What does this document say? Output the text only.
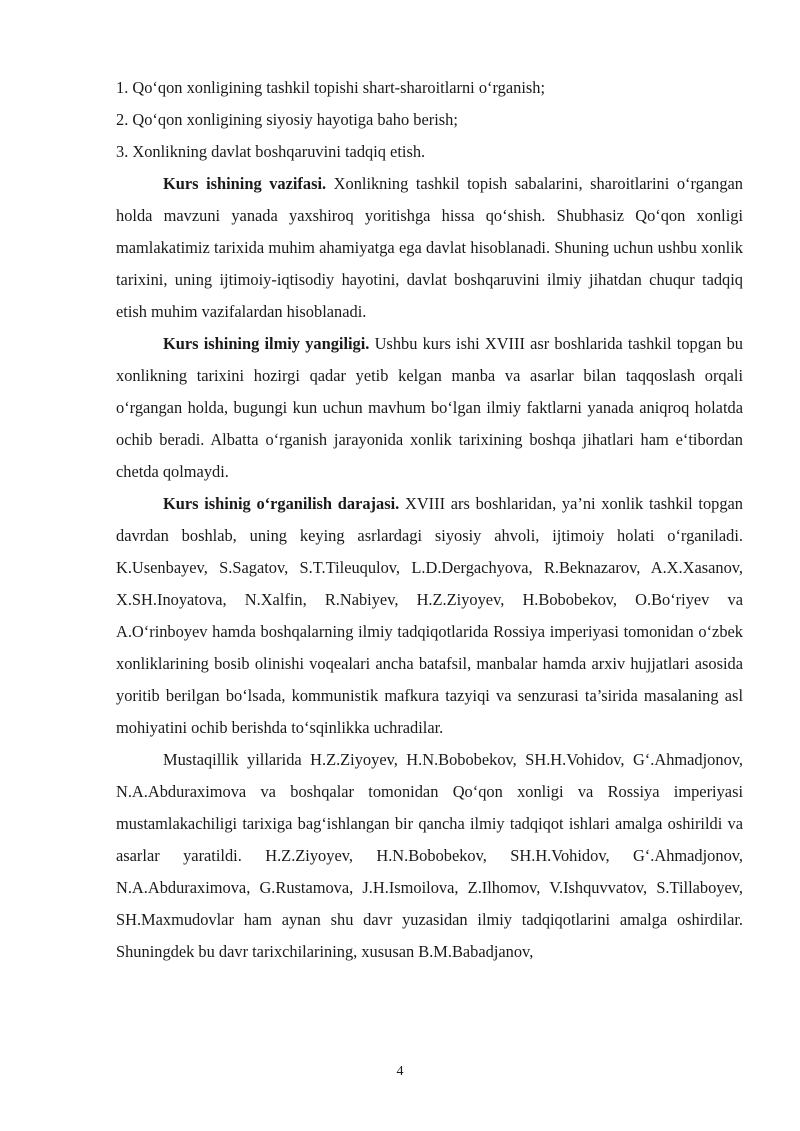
1. Qo‘qon xonligining tashkil topishi shart-sharoitlarni o‘rganish;

2. Qo‘qon xonligining siyosiy hayotiga baho berish;

3. Xonlikning davlat boshqaruvini tadqiq etish.

Kurs ishining vazifasi. Xonlikning tashkil topish sabalarini, sharoitlarini o‘rgangan holda mavzuni yanada yaxshiroq yoritishga hissa qo‘shish. Shubhasiz Qo‘qon xonligi mamlakatimiz tarixida muhim ahamiyatga ega davlat hisoblanadi. Shuning uchun ushbu xonlik tarixini, uning ijtimoiy-iqtisodiy hayotini, davlat boshqaruvini ilmiy jihatdan chuqur tadqiq etish muhim vazifalardan hisoblanadi.

Kurs ishining ilmiy yangiligi. Ushbu kurs ishi XVIII asr boshlarida tashkil topgan bu xonlikning tarixini hozirgi qadar yetib kelgan manba va asarlar bilan taqqoslash orqali o‘rgangan holda, bugungi kun uchun mavhum bo‘lgan ilmiy faktlarni yanada aniqroq holatda ochib beradi. Albatta o‘rganish jarayonida xonlik tarixining boshqa jihatlari ham e‘tibordan chetda qolmaydi.

Kurs ishinig o‘rganilish darajasi. XVIII ars boshlaridan, ya’ni xonlik tashkil topgan davrdan boshlab, uning keying asrlardagi siyosiy ahvoli, ijtimoiy holati o‘rganiladi. K.Usenbayev, S.Sagatov, S.T.Tileuqulov, L.D.Dergachyova, R.Beknazarov, A.X.Xasanov, X.SH.Inoyatova, N.Xalfin, R.Nabiyev, H.Z.Ziyoyev, H.Bobobekov, O.Bo‘riyev va A.O‘rinboyev hamda boshqalarning ilmiy tadqiqotlarida Rossiya imperiyasi tomonidan o‘zbek xonliklarining bosib olinishi voqealari ancha batafsil, manbalar hamda arxiv hujjatlari asosida yoritib berilgan bo‘lsada, kommunistik mafkura tazyiqi va senzurasi ta’sirida masalaning asl mohiyatini ochib berishda to‘sqinlikka uchradilar.

Mustaqillik yillarida H.Z.Ziyoyev, H.N.Bobobekov, SH.H.Vohidov, G‘.Ahmadjonov, N.A.Abduraximova va boshqalar tomonidan Qo‘qon xonligi va Rossiya imperiyasi mustamlakachiligi tarixiga bag‘ishlangan bir qancha ilmiy tadqiqot ishlari amalga oshirildi va asarlar yaratildi. H.Z.Ziyoyev, H.N.Bobobekov, SH.H.Vohidov, G‘.Ahmadjonov, N.A.Abduraximova, G.Rustamova, J.H.Ismoilova, Z.Ilhomov, V.Ishquvvatov, S.Tillaboyev, SH.Maxmudovlar ham aynan shu davr yuzasidan ilmiy tadqiqotlarini amalga oshirdilar. Shuningdek bu davr tarixchilarining, xususan B.M.Babadjanov,

4
